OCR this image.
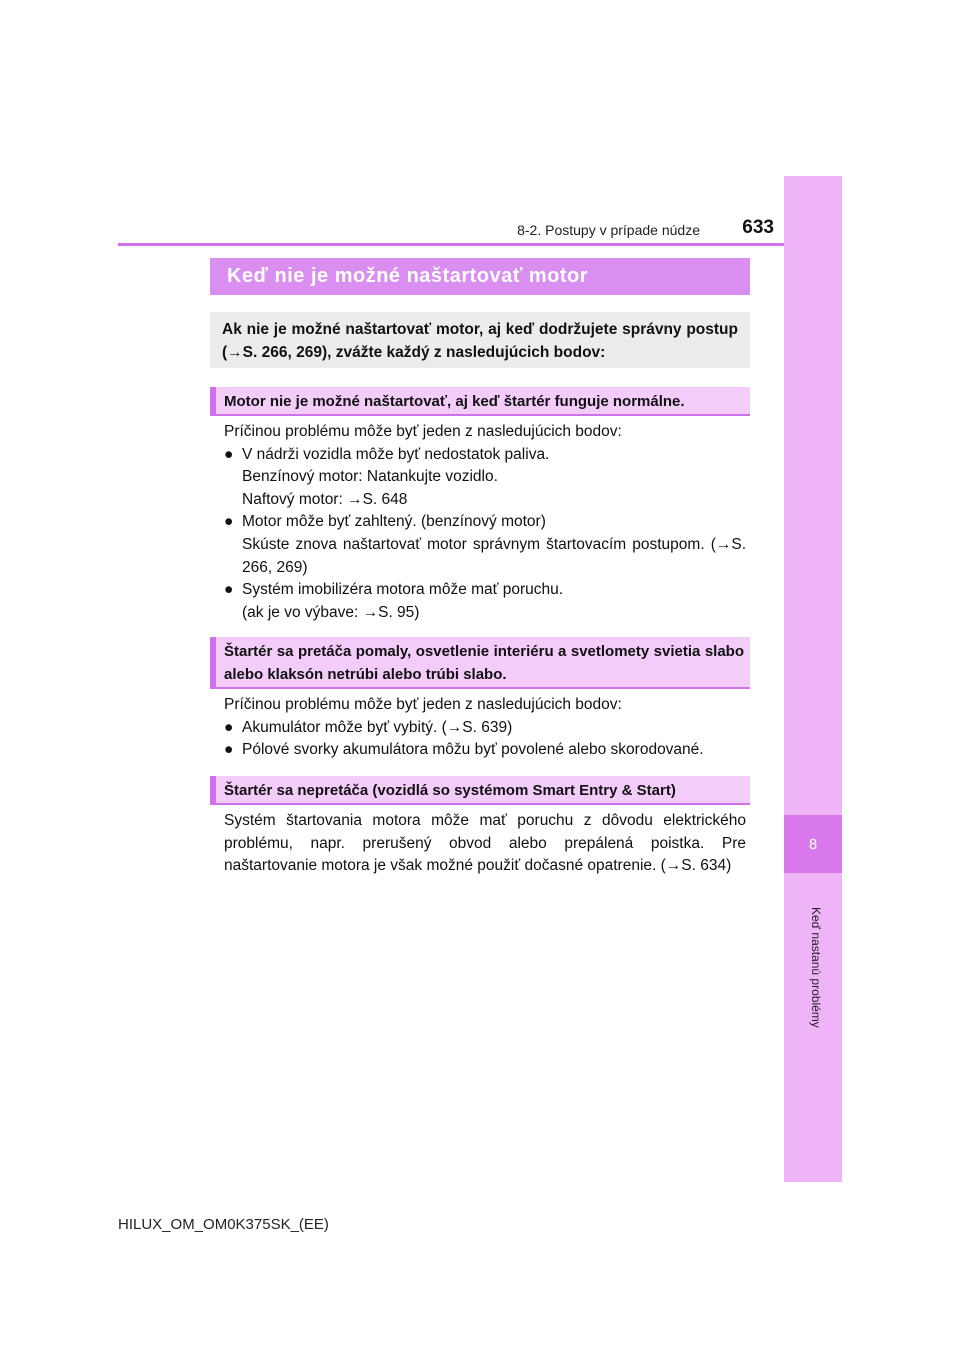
8
Keď nastanú problémy
8-2. Postupy v prípade núdze	633
Keď nie je možné naštartovať motor
Ak nie je možné naštartovať motor, aj keď dodržujete správny postup (→S. 266, 269), zvážte každý z nasledujúcich bodov:
Motor nie je možné naštartovať, aj keď štartér funguje normálne.

Príčinou problému môže byť jeden z nasledujúcich bodov:

● V nádrži vozidla môže byť nedostatok paliva.

Benzínový motor: Natankujte vozidlo.

Naftový motor: →S. 648

● Motor môže byť zahltený. (benzínový motor)

Skúste znova naštartovať motor správnym štartovacím postupom. (→S. 266, 269)

● Systém imobilizéra motora môže mať poruchu.

(ak je vo výbave: →S. 95)

Štartér sa pretáča pomaly, osvetlenie interiéru a svetlomety svietia slabo alebo klaksón netrúbi alebo trúbi slabo.

Príčinou problému môže byť jeden z nasledujúcich bodov:

● Akumulátor môže byť vybitý. (→S. 639)

● Pólové svorky akumulátora môžu byť povolené alebo skorodované.

Štartér sa nepretáča (vozidlá so systémom Smart Entry & Start)

Systém štartovania motora môže mať poruchu z dôvodu elektrického problému, napr. prerušený obvod alebo prepálená poistka. Pre naštartovanie motora je však možné použiť dočasné opatrenie. (→S. 634)

HILUX_OM_OM0K375SK_(EE)
